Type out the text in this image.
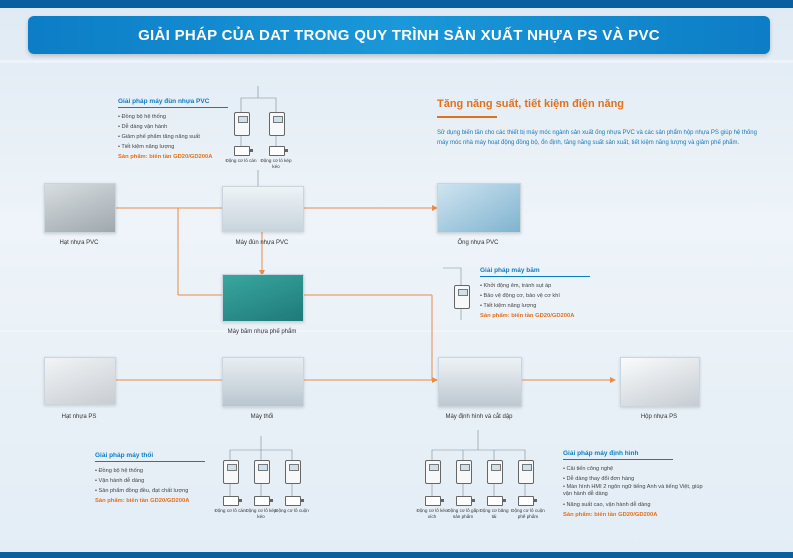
GIẢI PHÁP CỦA DAT TRONG QUY TRÌNH SẢN XUẤT NHỰA PS VÀ PVC
Hạt nhựa PVC	Máy đùn nhựa PVC	Ống nhựa PVC
Máy băm nhựa phế phẩm
Hạt nhựa PS	Máy thổi	Máy định hình và cắt dập	Hộp nhựa PS
Động cơ lò cán Động cơ lò kép kéo
Động cơ lô cán Động cơ lô kép kéo
Động cơ lô cuộn	Động cơ lô kéo xích
Động cơ lô gấp sản phẩm
Động cơ băng tải
Động cơ lô cuộn phế phẩm
Giải pháp máy đùn nhựa PVC
• Đồng bộ hệ thống
• Dễ dàng vận hành
• Giảm phế phẩm tăng năng suất
• Tiết kiệm năng lượng
Sản phẩm: biến tần GD20/GD200A
Giải pháp máy băm
• Khởi động êm, tránh sụt áp
• Bảo vệ động cơ, bảo vệ cơ khí
• Tiết kiệm năng lượng
Sản phẩm: biến tần GD20/GD200A
Giải pháp máy thổi
• Đồng bộ hệ thống
• Vận hành dễ dàng
• Sản phẩm đồng đều, đạt chất lượng
Sản phẩm: biến tần GD20/GD200A
Giải pháp máy định hình
• Cải tiến công nghệ
• Dễ dàng thay đổi đơn hàng
• Màn hình HMI 2 ngôn ngữ tiếng Anh và tiếng Việt, giúp vận hành dễ dàng
• Năng suất cao, vận hành dễ dàng
Sản phẩm: biến tần GD20/GD200A
Tăng năng suất, tiết kiệm điện năng
Sử dụng biến tần cho các thiết bị máy móc ngành sản xuất ống nhựa PVC và các sản phẩm hộp nhựa PS giúp hệ thống máy móc nhà máy hoạt động đồng bộ, ổn định, tăng năng suất sản xuất, tiết kiệm năng lượng và giảm phế phẩm.
